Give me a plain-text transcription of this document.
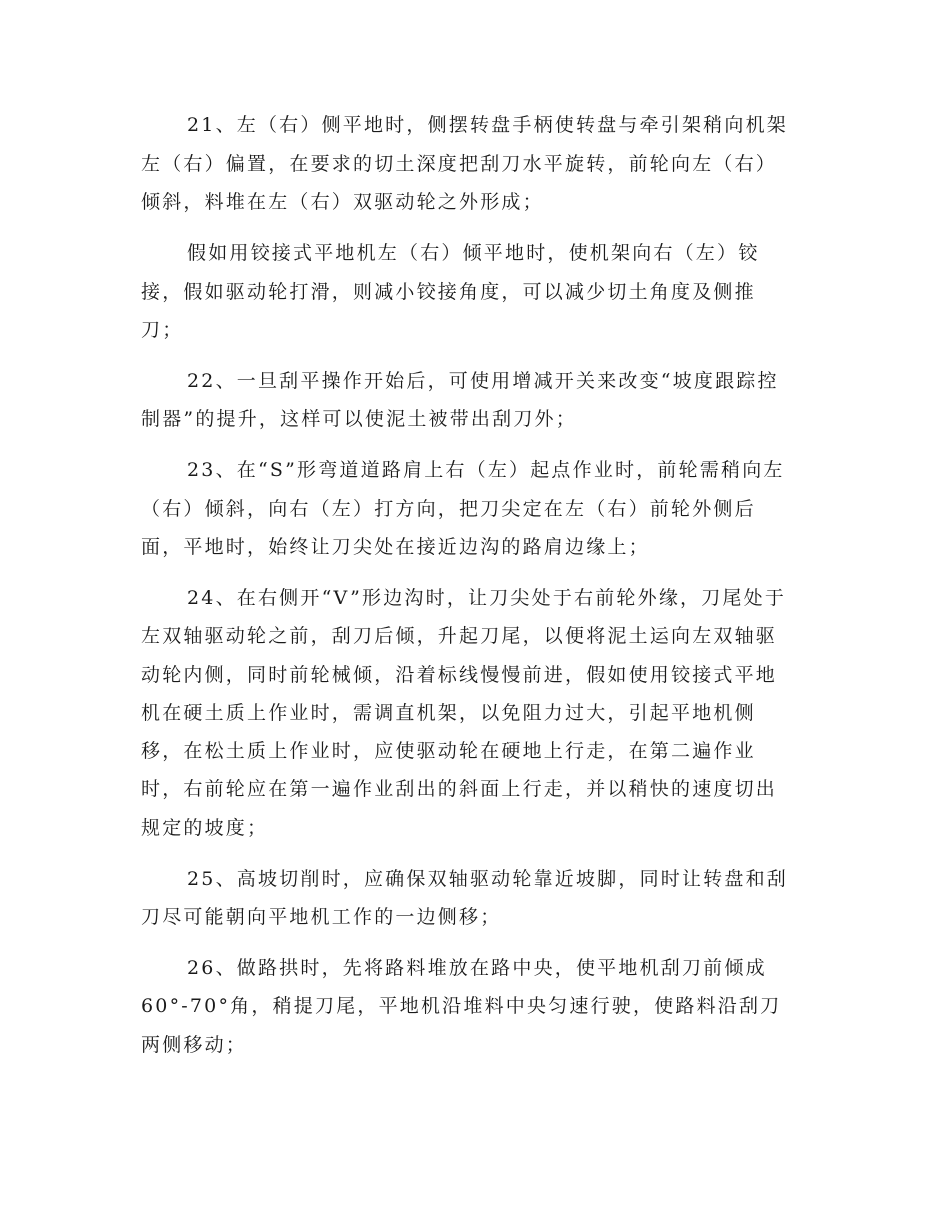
21、左（右）侧平地时，侧摆转盘手柄使转盘与牵引架稍向机架
左（右）偏置，在要求的切土深度把刮刀水平旋转，前轮向左（右）
倾斜，料堆在左（右）双驱动轮之外形成；
假如用铰接式平地机左（右）倾平地时，使机架向右（左）铰
接，假如驱动轮打滑，则减小铰接角度，可以减少切土角度及侧推
刀；
22、一旦刮平操作开始后，可使用增减开关来改变“坡度跟踪控
制器”的提升，这样可以使泥土被带出刮刀外；
23、在“S”形弯道道路肩上右（左）起点作业时，前轮需稍向左
（右）倾斜，向右（左）打方向，把刀尖定在左（右）前轮外侧后
面，平地时，始终让刀尖处在接近边沟的路肩边缘上；
24、在右侧开“V”形边沟时，让刀尖处于右前轮外缘，刀尾处于
左双轴驱动轮之前，刮刀后倾，升起刀尾，以便将泥土运向左双轴驱
动轮内侧，同时前轮械倾，沿着标线慢慢前进，假如使用铰接式平地
机在硬土质上作业时，需调直机架，以免阻力过大，引起平地机侧
移，在松土质上作业时，应使驱动轮在硬地上行走，在第二遍作业
时，右前轮应在第一遍作业刮出的斜面上行走，并以稍快的速度切出
规定的坡度；
25、高坡切削时，应确保双轴驱动轮靠近坡脚，同时让转盘和刮
刀尽可能朝向平地机工作的一边侧移；
26、做路拱时，先将路料堆放在路中央，使平地机刮刀前倾成
60°-70°角，稍提刀尾，平地机沿堆料中央匀速行驶，使路料沿刮刀
两侧移动；
